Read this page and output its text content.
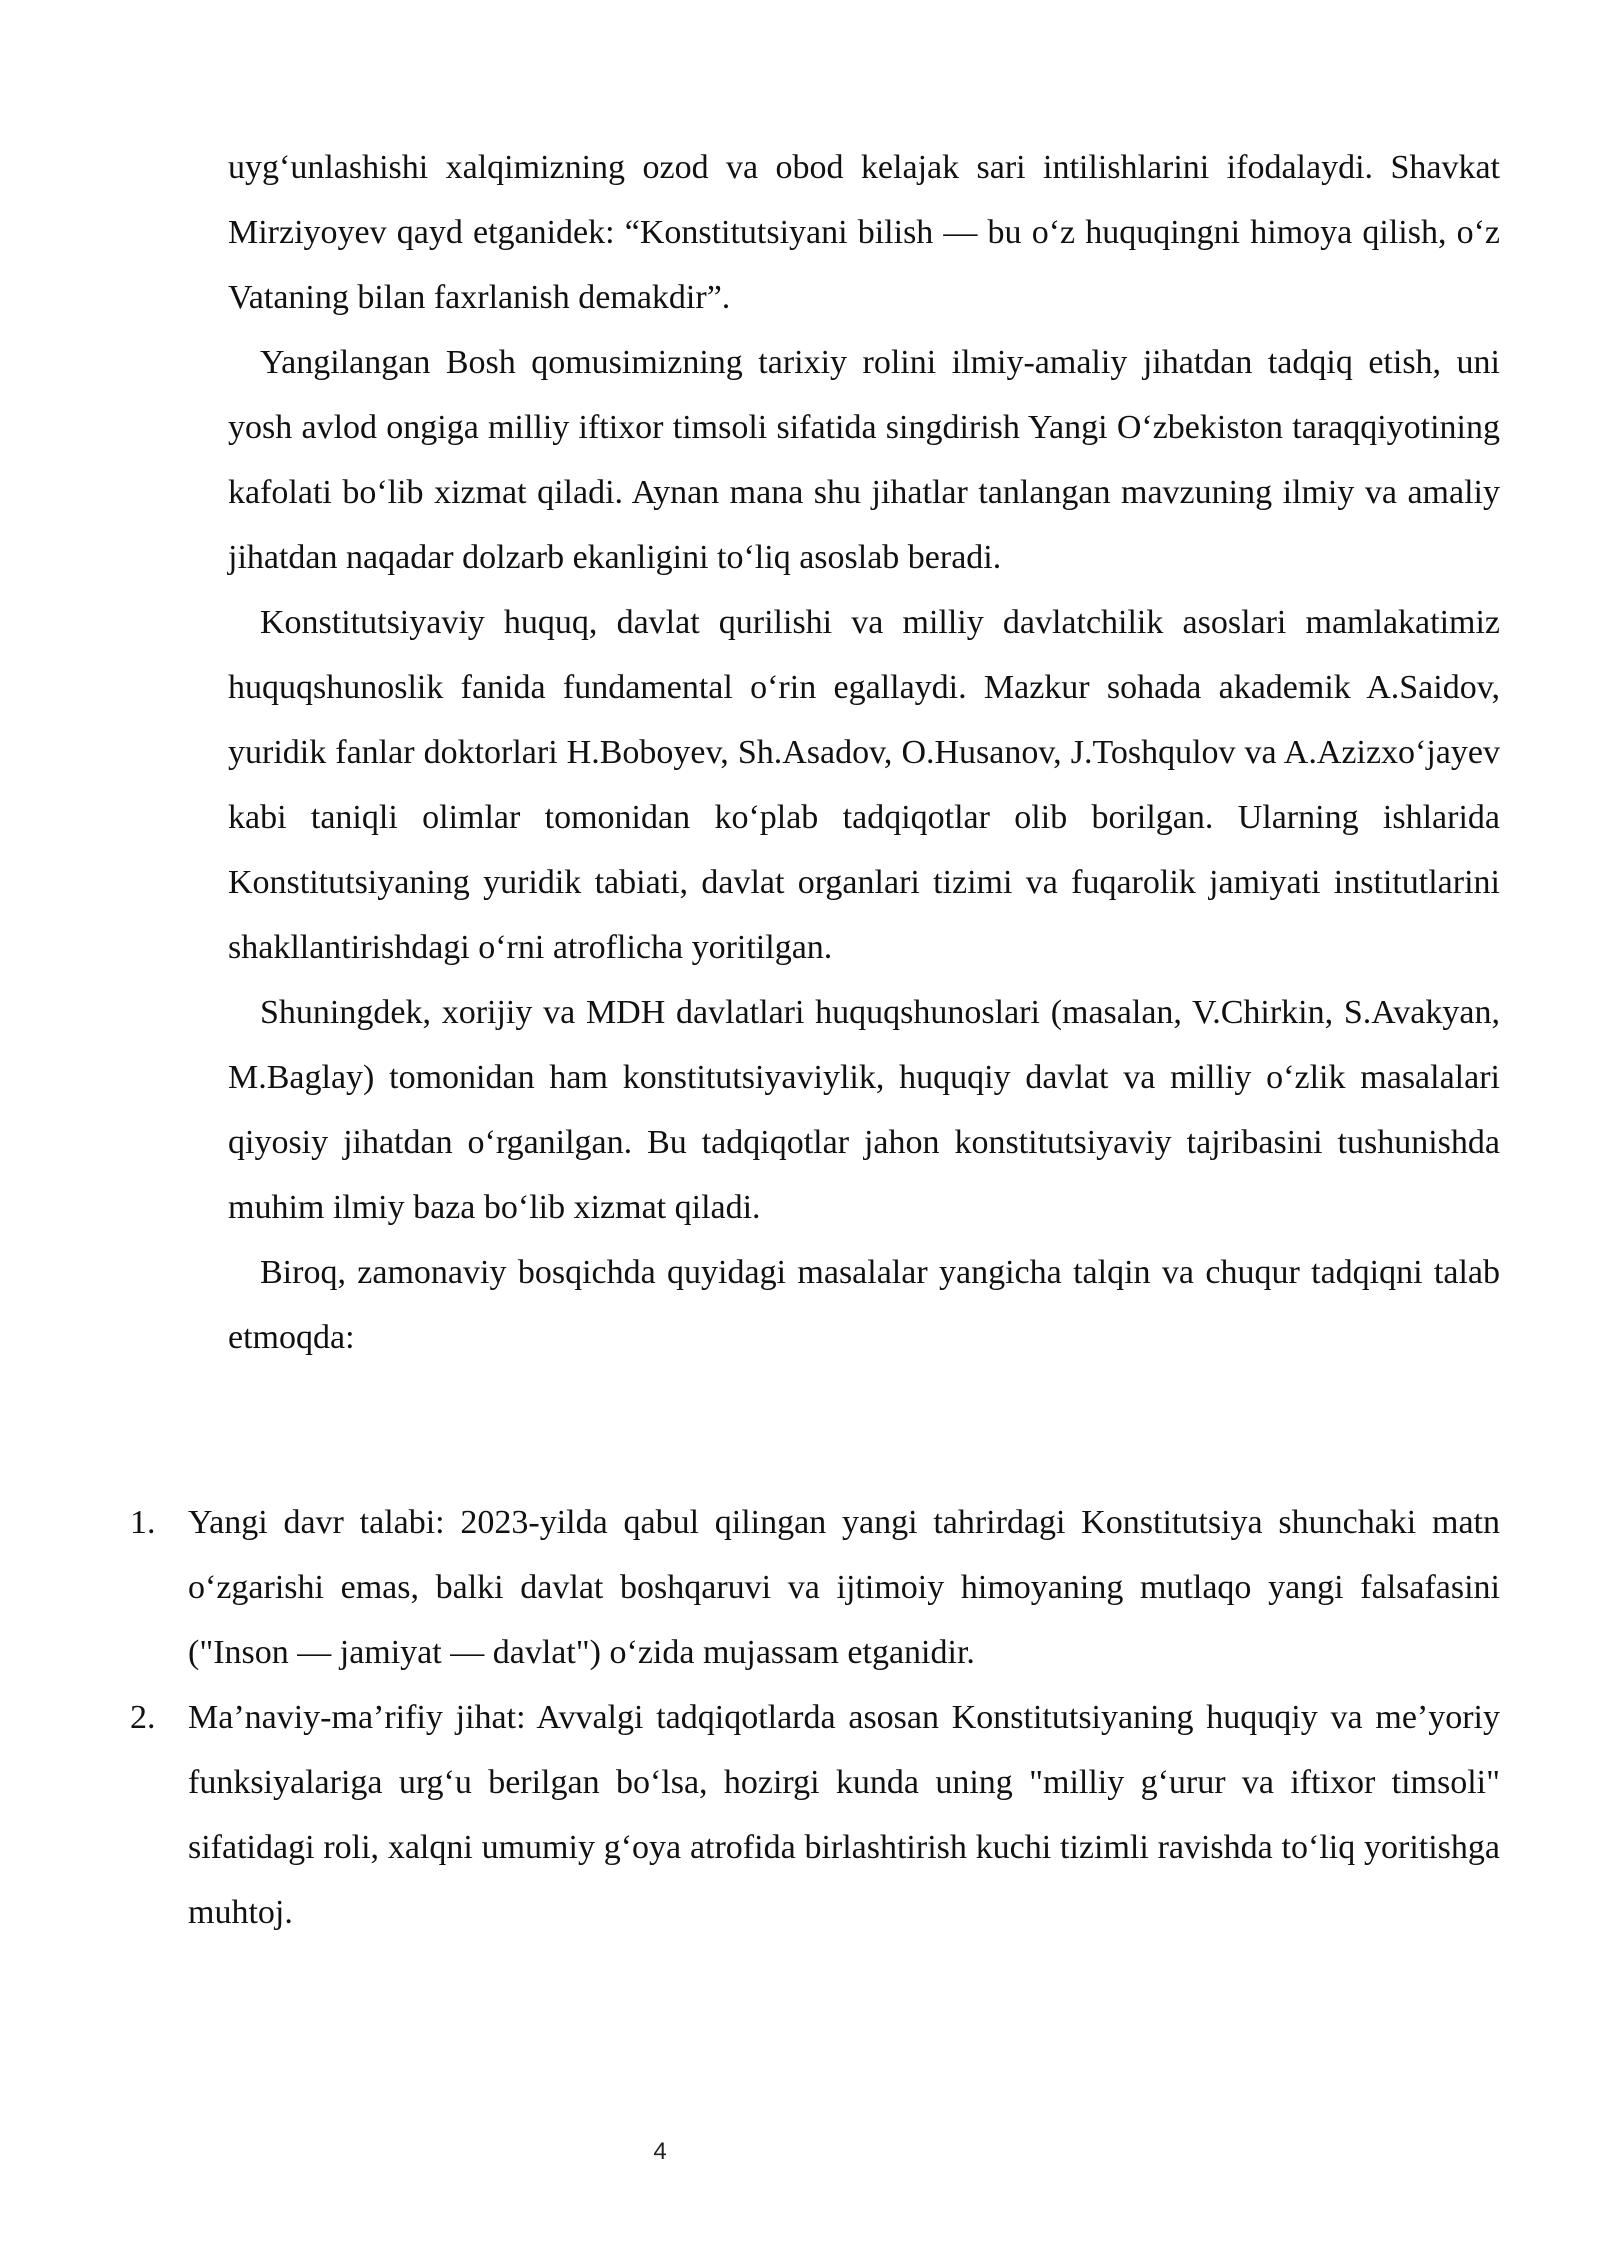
uyg‘unlashishi xalqimizning ozod va obod kelajak sari intilishlarini ifodalaydi. Shavkat Mirziyoyev qayd etganidek: “Konstitutsiyani bilish — bu o‘z huquqingni himoya qilish, o‘z Vataning bilan faxrlanish demakdir”.

Yangilangan Bosh qomusimizning tarixiy rolini ilmiy-amaliy jihatdan tadqiq etish, uni yosh avlod ongiga milliy iftixor timsoli sifatida singdirish Yangi O‘zbekiston taraqqiyotining kafolati bo‘lib xizmat qiladi. Aynan mana shu jihatlar tanlangan mavzuning ilmiy va amaliy jihatdan naqadar dolzarb ekanligini to‘liq asoslab beradi.

Konstitutsiyaviy huquq, davlat qurilishi va milliy davlatchilik asoslari mamlakatimiz huquqshunoslik fanida fundamental o‘rin egallaydi. Mazkur sohada akademik A.Saidov, yuridik fanlar doktorlari H.Boboyev, Sh.Asadov, O.Husanov, J.Toshqulov va A.Azizxo‘jayev kabi taniqli olimlar tomonidan ko‘plab tadqiqotlar olib borilgan. Ularning ishlarida Konstitutsiyaning yuridik tabiati, davlat organlari tizimi va fuqarolik jamiyati institutlarini shakllantirishdagi o‘rni atroflicha yoritilgan.

Shuningdek, xorijiy va MDH davlatlari huquqshunoslari (masalan, V.Chirkin, S.Avakyan, M.Baglay) tomonidan ham konstitutsiyaviylik, huquqiy davlat va milliy o‘zlik masalalari qiyosiy jihatdan o‘rganilgan. Bu tadqiqotlar jahon konstitutsiyaviy tajribasini tushunishda muhim ilmiy baza bo‘lib xizmat qiladi.

Biroq, zamonaviy bosqichda quyidagi masalalar yangicha talqin va chuqur tadqiqni talab etmoqda:

1. Yangi davr talabi: 2023-yilda qabul qilingan yangi tahrirdagi Konstitutsiya shunchaki matn o‘zgarishi emas, balki davlat boshqaruvi va ijtimoiy himoyaning mutlaqo yangi falsafasini ("Inson — jamiyat — davlat") o‘zida mujassam etganidir.
2. Ma’naviy-ma’rifiy jihat: Avvalgi tadqiqotlarda asosan Konstitutsiyaning huquqiy va me’yoriy funksiyalariga urg‘u berilgan bo‘lsa, hozirgi kunda uning "milliy g‘urur va iftixor timsoli" sifatidagi roli, xalqni umumiy g‘oya atrofida birlashtirish kuchi tizimli ravishda to‘liq yoritishga muhtoj.
4
